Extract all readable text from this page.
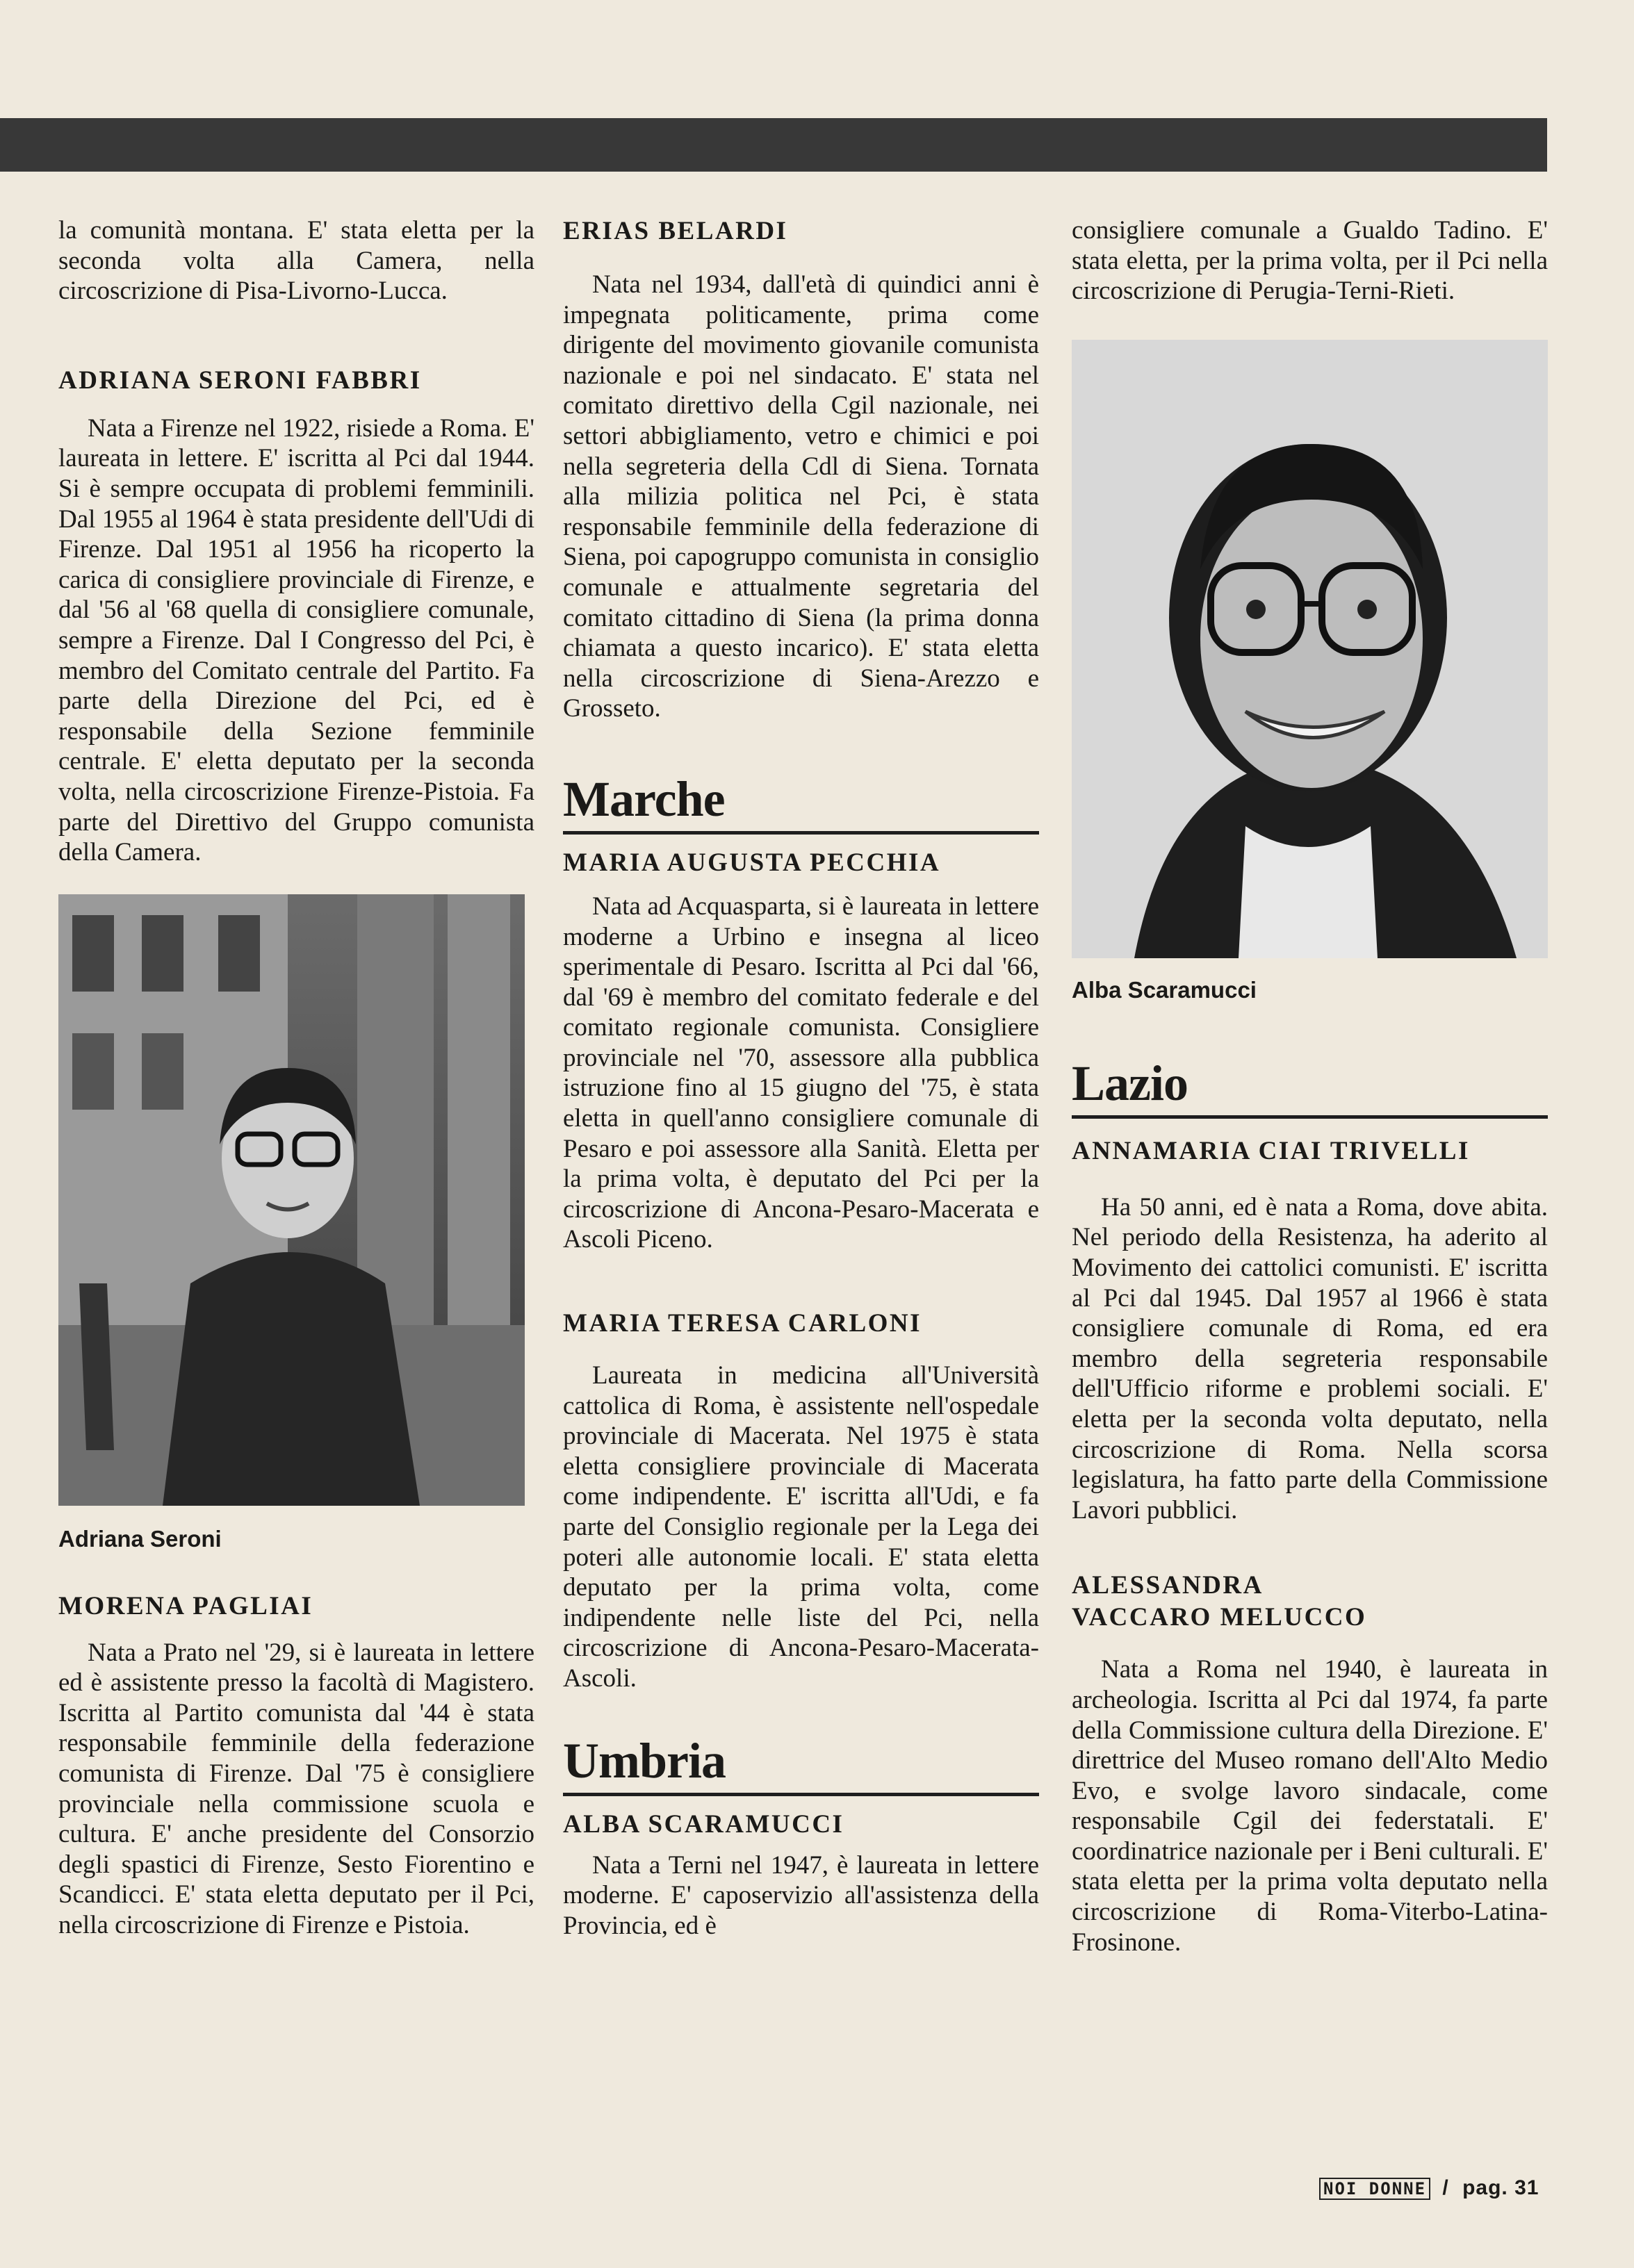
la comunità montana. E' stata eletta per la seconda volta alla Camera, nella circoscrizione di Pisa-Livorno-Lucca.

ADRIANA SERONI FABBRI

Nata a Firenze nel 1922, risiede a Roma. E' laureata in lettere. E' iscritta al Pci dal 1944. Si è sempre occupata di problemi femminili. Dal 1955 al 1964 è stata presidente dell'Udi di Firenze. Dal 1951 al 1956 ha ricoperto la carica di consigliere provinciale di Firenze, e dal '56 al '68 quella di consigliere comunale, sempre a Firenze. Dal I Congresso del Pci, è membro del Comitato centrale del Partito. Fa parte della Direzione del Pci, ed è responsabile della Sezione femminile centrale. E' eletta deputato per la seconda volta, nella circoscrizione Firenze-Pistoia. Fa parte del Direttivo del Gruppo comunista della Camera.

Adriana Seroni

MORENA PAGLIAI

Nata a Prato nel '29, si è laureata in lettere ed è assistente presso la facoltà di Magistero. Iscritta al Partito comunista dal '44 è stata responsabile femminile della federazione comunista di Firenze. Dal '75 è consigliere provinciale nella commissione scuola e cultura. E' anche presidente del Consorzio degli spastici di Firenze, Sesto Fiorentino e Scandicci. E' stata eletta deputato per il Pci, nella circoscrizione di Firenze e Pistoia.

ERIAS BELARDI

Nata nel 1934, dall'età di quindici anni è impegnata politicamente, prima come dirigente del movimento giovanile comunista nazionale e poi nel sindacato. E' stata nel comitato direttivo della Cgil nazionale, nei settori abbigliamento, vetro e chimici e poi nella segreteria della Cdl di Siena. Tornata alla milizia politica nel Pci, è stata responsabile femminile della federazione di Siena, poi capogruppo comunista in consiglio comunale e attualmente segretaria del comitato cittadino di Siena (la prima donna chiamata a questo incarico). E' stata eletta nella circoscrizione di Siena-Arezzo e Grosseto.

Marche
MARIA AUGUSTA PECCHIA

Nata ad Acquasparta, si è laureata in lettere moderne a Urbino e insegna al liceo sperimentale di Pesaro. Iscritta al Pci dal '66, dal '69 è membro del comitato federale e del comitato regionale comunista. Consigliere provinciale nel '70, assessore alla pubblica istruzione fino al 15 giugno del '75, è stata eletta in quell'anno consigliere comunale di Pesaro e poi assessore alla Sanità. Eletta per la prima volta, è deputato del Pci per la circoscrizione di Ancona-Pesaro-Macerata e Ascoli Piceno.

MARIA TERESA CARLONI

Laureata in medicina all'Università cattolica di Roma, è assistente nell'ospedale provinciale di Macerata. Nel 1975 è stata eletta consigliere provinciale di Macerata come indipendente. E' iscritta all'Udi, e fa parte del Consiglio regionale per la Lega dei poteri alle autonomie locali. E' stata eletta deputato per la prima volta, come indipendente nelle liste del Pci, nella circoscrizione di Ancona-Pesaro-Macerata-Ascoli.

Umbria
ALBA SCARAMUCCI

Nata a Terni nel 1947, è laureata in lettere moderne. E' caposervizio all'assistenza della Provincia, ed è

consigliere comunale a Gualdo Tadino. E' stata eletta, per la prima volta, per il Pci nella circoscrizione di Perugia-Terni-Rieti.

Alba Scaramucci

Lazio
ANNAMARIA CIAI TRIVELLI

Ha 50 anni, ed è nata a Roma, dove abita. Nel periodo della Resistenza, ha aderito al Movimento dei cattolici comunisti. E' iscritta al Pci dal 1945. Dal 1957 al 1966 è stata consigliere comunale di Roma, ed era membro della segreteria responsabile dell'Ufficio riforme e problemi sociali. E' eletta per la seconda volta deputato, nella circoscrizione di Roma. Nella scorsa legislatura, ha fatto parte della Commissione Lavori pubblici.

ALESSANDRA
VACCARO MELUCCO

Nata a Roma nel 1940, è laureata in archeologia. Iscritta al Pci dal 1974, fa parte della Commissione cultura della Direzione. E' direttrice del Museo romano dell'Alto Medio Evo, e svolge lavoro sindacale, come responsabile Cgil dei federstatali. E' coordinatrice nazionale per i Beni culturali. E' stata eletta per la prima volta deputato nella circoscrizione di Roma-Viterbo-Latina-Frosinone.

NOI DONNE / pag. 31
